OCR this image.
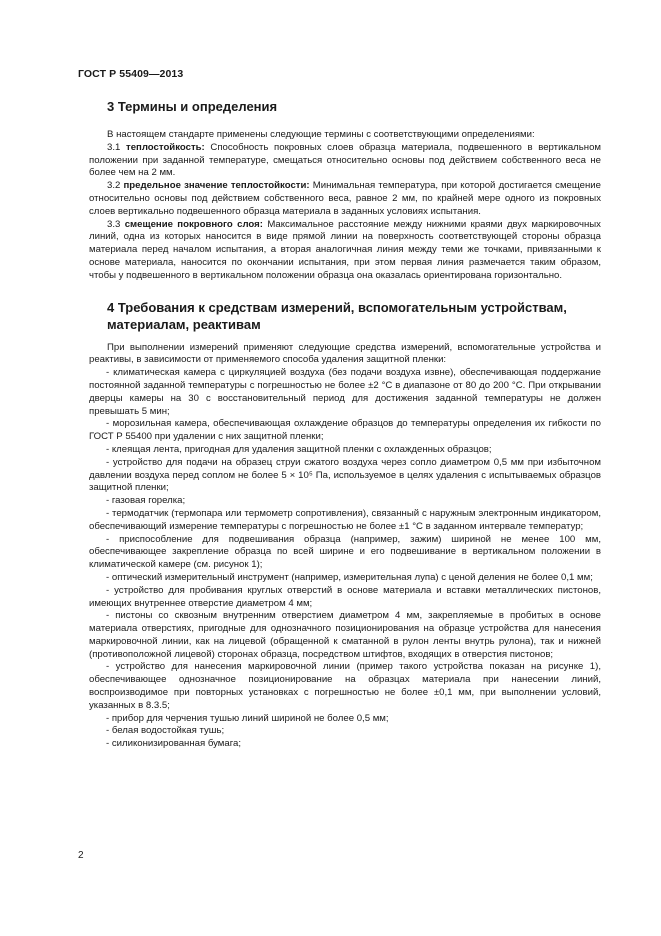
ГОСТ Р 55409—2013
3 Термины и определения

В настоящем стандарте применены следующие термины с соответствующими определениями:

3.1 теплостойкость: Способность покровных слоев образца материала, подвешенного в вертикальном положении при заданной температуре, смещаться относительно основы под действием собственного веса не более чем на 2 мм.

3.2 предельное значение теплостойкости: Минимальная температура, при которой достигается смещение относительно основы под действием собственного веса, равное 2 мм, по крайней мере одного из покровных слоев вертикально подвешенного образца материала в заданных условиях испытания.

3.3 смещение покровного слоя: Максимальное расстояние между нижними краями двух маркировочных линий, одна из которых наносится в виде прямой линии на поверхность соответствующей стороны образца материала перед началом испытания, а вторая аналогичная линия между теми же точками, привязанными к основе материала, наносится по окончании испытания, при этом первая линия размечается таким образом, чтобы у подвешенного в вертикальном положении образца она оказалась ориентирована горизонтально.

4 Требования к средствам измерений, вспомогательным устройствам, материалам, реактивам

При выполнении измерений применяют следующие средства измерений, вспомогательные устройства и реактивы, в зависимости от применяемого способа удаления защитной пленки:

- климатическая камера с циркуляцией воздуха (без подачи воздуха извне), обеспечивающая поддержание постоянной заданной температуры с погрешностью не более ±2 °С в диапазоне от 80 до 200 °С. При открывании дверцы камеры на 30 с восстановительный период для достижения заданной температуры не должен превышать 5 мин;

- морозильная камера, обеспечивающая охлаждение образцов до температуры определения их гибкости по ГОСТ Р 55400 при удалении с них защитной пленки;

- клеящая лента, пригодная для удаления защитной пленки с охлажденных образцов;

- устройство для подачи на образец струи сжатого воздуха через сопло диаметром 0,5 мм при избыточном давлении воздуха перед соплом не более 5 × 10⁵ Па, используемое в целях удаления с испытываемых образцов защитной пленки;

- газовая горелка;

- термодатчик (термопара или термометр сопротивления), связанный с наружным электронным индикатором, обеспечивающий измерение температуры с погрешностью не более ±1 °С в заданном интервале температур;

- приспособление для подвешивания образца (например, зажим) шириной не менее 100 мм, обеспечивающее закрепление образца по всей ширине и его подвешивание в вертикальном положении в климатической камере (см. рисунок 1);

- оптический измерительный инструмент (например, измерительная лупа) с ценой деления не более 0,1 мм;

- устройство для пробивания круглых отверстий в основе материала и вставки металлических пистонов, имеющих внутреннее отверстие диаметром 4 мм;

- пистоны со сквозным внутренним отверстием диаметром 4 мм, закрепляемые в пробитых в основе материала отверстиях, пригодные для однозначного позиционирования на образце устройства для нанесения маркировочной линии, как на лицевой (обращенной к сматанной в рулон ленты внутрь рулона), так и нижней (противоположной лицевой) сторонах образца, посредством штифтов, входящих в отверстия пистонов;

- устройство для нанесения маркировочной линии (пример такого устройства показан на рисунке 1), обеспечивающее однозначное позиционирование на образцах материала при нанесении линий, воспроизводимое при повторных установках с погрешностью не более ±0,1 мм, при выполнении условий, указанных в 8.3.5;

- прибор для черчения тушью линий шириной не более 0,5 мм;

- белая водостойкая тушь;

- силиконизированная бумага;

2
